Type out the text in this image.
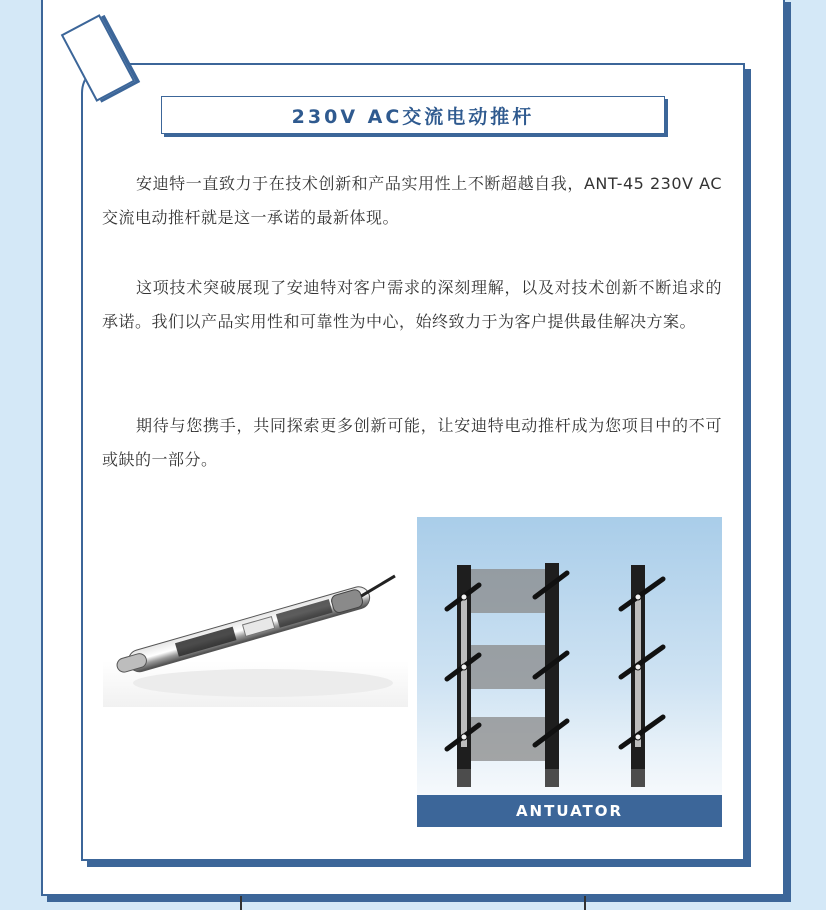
230V AC交流电动推杆

安迪特一直致力于在技术创新和产品实用性上不断超越自我，ANT-45 230V AC交流电动推杆就是这一承诺的最新体现。

这项技术突破展现了安迪特对客户需求的深刻理解，以及对技术创新不断追求的承诺。我们以产品实用性和可靠性为中心，始终致力于为客户提供最佳解决方案。

期待与您携手，共同探索更多创新可能，让安迪特电动推杆成为您项目中的不可或缺的一部分。

ANTUATOR
